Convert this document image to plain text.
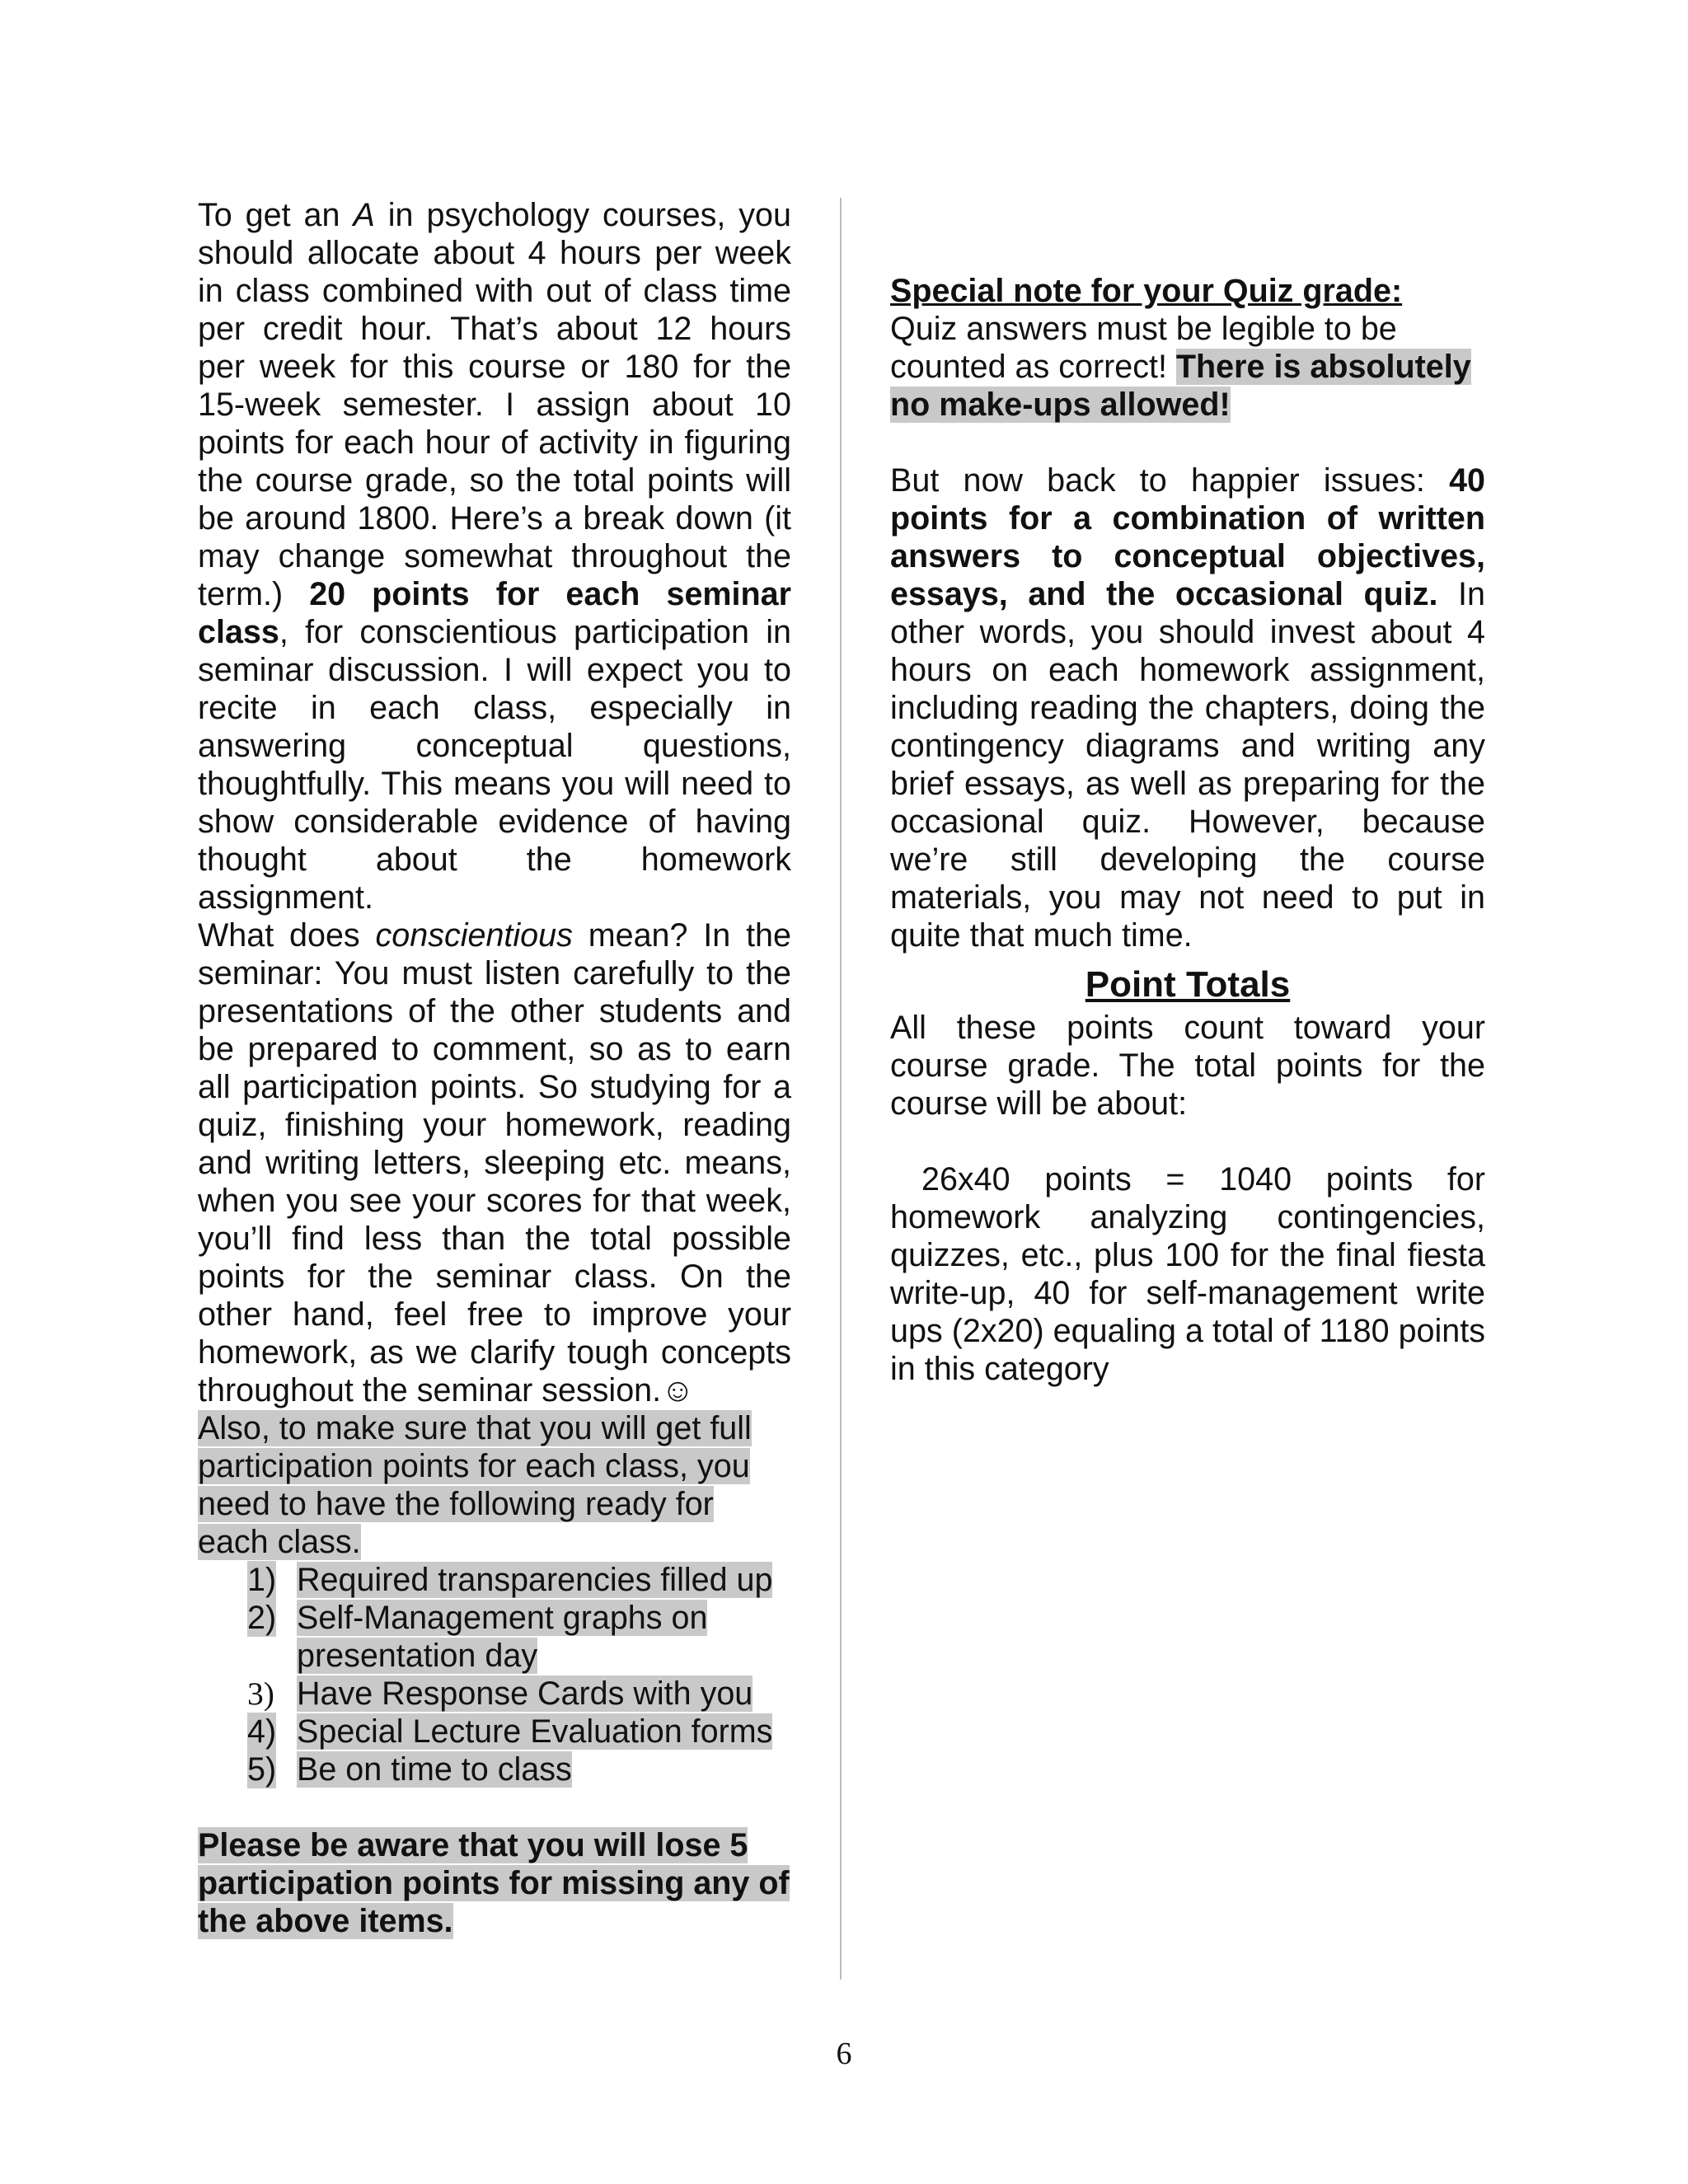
To get an A in psychology courses, you should allocate about 4 hours per week in class combined with out of class time per credit hour. That’s about 12 hours per week for this course or 180 for the 15-week semester. I assign about 10 points for each hour of activity in figuring the course grade, so the total points will be around 1800. Here’s a break down (it may change somewhat throughout the term.) 20 points for each seminar class, for conscientious participation in seminar discussion. I will expect you to recite in each class, especially in answering conceptual questions, thoughtfully. This means you will need to show considerable evidence of having thought about the homework assignment.

What does conscientious mean? In the seminar: You must listen carefully to the presentations of the other students and be prepared to comment, so as to earn all participation points. So studying for a quiz, finishing your homework, reading and writing letters, sleeping etc. means, when you see your scores for that week, you’ll find less than the total possible points for the seminar class. On the other hand, feel free to improve your homework, as we clarify tough concepts throughout the seminar session.☺

Also, to make sure that you will get full participation points for each class, you need to have the following ready for each class.

1) Required transparencies filled up
2) Self-Management graphs on presentation day
3) Have Response Cards with you
4) Special Lecture Evaluation forms
5) Be on time to class

Please be aware that you will lose 5 participation points for missing any of the above items.

Special note for your Quiz grade:
Quiz answers must be legible to be counted as correct! There is absolutely no make-ups allowed!

But now back to happier issues: 40 points for a combination of written answers to conceptual objectives, essays, and the occasional quiz. In other words, you should invest about 4 hours on each homework assignment, including reading the chapters, doing the contingency diagrams and writing any brief essays, as well as preparing for the occasional quiz. However, because we’re still developing the course materials, you may not need to put in quite that much time.

Point Totals

All these points count toward your course grade. The total points for the course will be about:

26x40 points = 1040 points for homework analyzing contingencies, quizzes, etc., plus 100 for the final fiesta write-up, 40 for self-management write ups (2x20) equaling a total of 1180 points in this category

6
